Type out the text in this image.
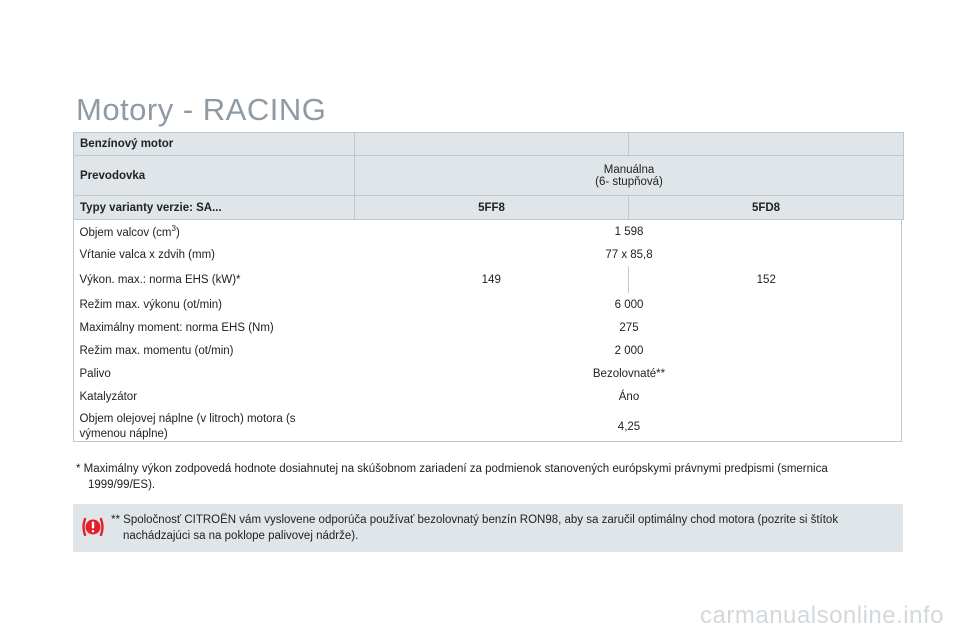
Motory - RACING
Benzínový motor		
Prevodovka	Manuálna
(6- stupňová)	
Typy varianty verzie: SA...	5FF8	5FD8
Objem valcov $(cm^3)$	1 598	
Vŕtanie valca x zdvih (mm)	77 x 85,8	
Výkon. max.: norma EHS (kW)*	149	152
Režim max. výkonu (ot/min)	6 000	
Maximálny moment: norma EHS (Nm)	275	
Režim max. momentu (ot/min)	2 000	
Palivo	Bezolovnaté**	
Katalyzátor	Áno	
Objem olejovej náplne (v litroch) motora (s
výmenou náplne)	4,25	
* Maximálny výkon zodpovedá hodnote dosiahnutej na skúšobnom zariadení za podmienok stanovených európskymi právnymi predpismi (smernica
1999/99/ES).
** Spoločnosť CITROËN vám vyslovene odporúča používať bezolovnatý benzín RON98, aby sa zaručil optimálny chod motora (pozrite si štítok
nachádzajúci sa na poklope palivovej nádrže).
carmanualsonline.info
